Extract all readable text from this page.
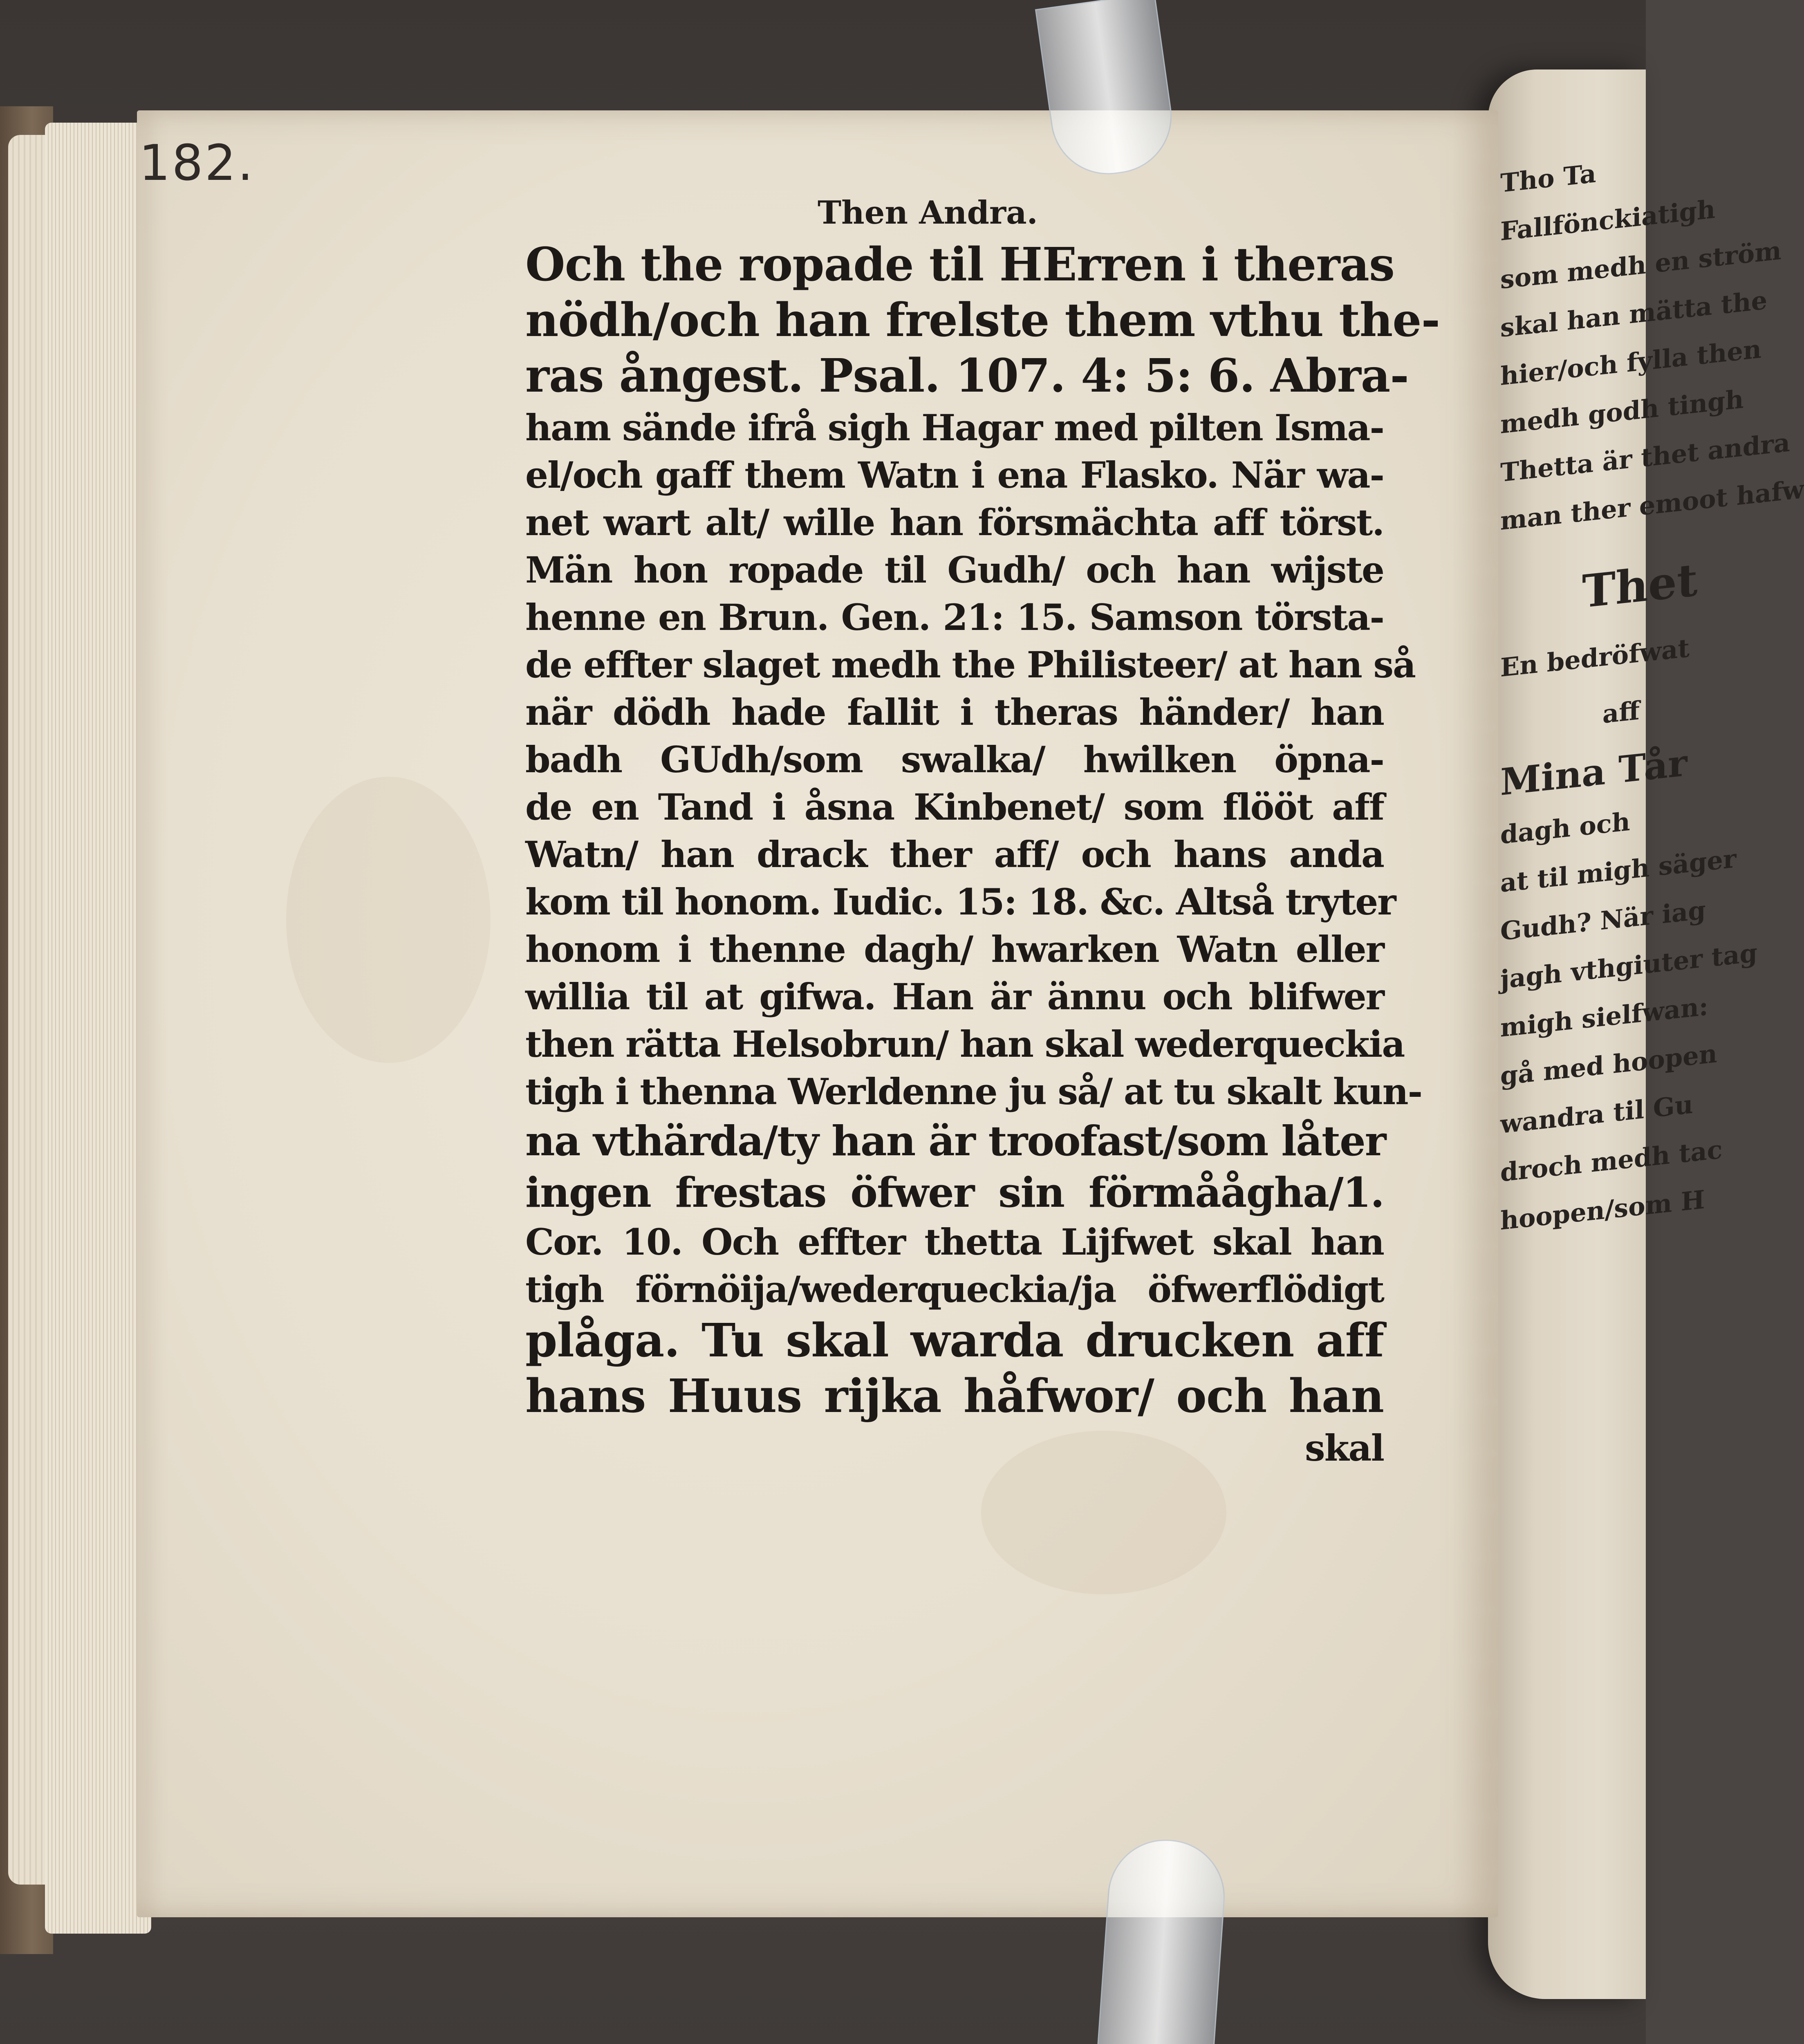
Tho Ta
Fallfönckiatigh
som medh en ström
skal han mätta the
hier/och fylla then
medh godh tingh
Thetta är thet andra
man ther emoot hafw
Thet
En bedröfwat
aff
Mina Tår
dagh och
at til migh säger
Gudh? När iag
jagh vthgiuter tag
migh sielfwan:
gå med hoopen
wandra til Gu
droch medh tac
hoopen/som H
182.
Then Andra.
Och the ropade til HErren i theras
nödh/och han frelste them vthu the-
ras ångest. Psal. 107. 4: 5: 6. Abra-
ham sände ifrå sigh Hagar med pilten Isma-
el/och gaff them Watn i ena Flasko. När wa-
net wart alt/ wille han försmächta aff törst.
Män hon ropade til Gudh/ och han wijste
henne en Brun. Gen. 21: 15. Samson törsta-
de effter slaget medh the Philisteer/ at han så
när dödh hade fallit i theras händer/ han
badh GUdh/som swalka/ hwilken öpna-
de en Tand i åsna Kinbenet/ som flööt aff
Watn/ han drack ther aff/ och hans anda
kom til honom. Iudic. 15: 18. &c. Altså tryter
honom i thenne dagh/ hwarken Watn eller
willia til at gifwa. Han är ännu och blifwer
then rätta Helsobrun/ han skal wederqueckia
tigh i thenna Werldenne ju så/ at tu skalt kun-
na vthärda/ty han är troofast/som låter
ingen frestas öfwer sin förmåågha/1.
Cor. 10. Och effter thetta Lijfwet skal han
tigh förnöija/wederqueckia/ja öfwerflödigt
plåga. Tu skal warda drucken aff
hans Huus rijka håfwor/ och han
skal
